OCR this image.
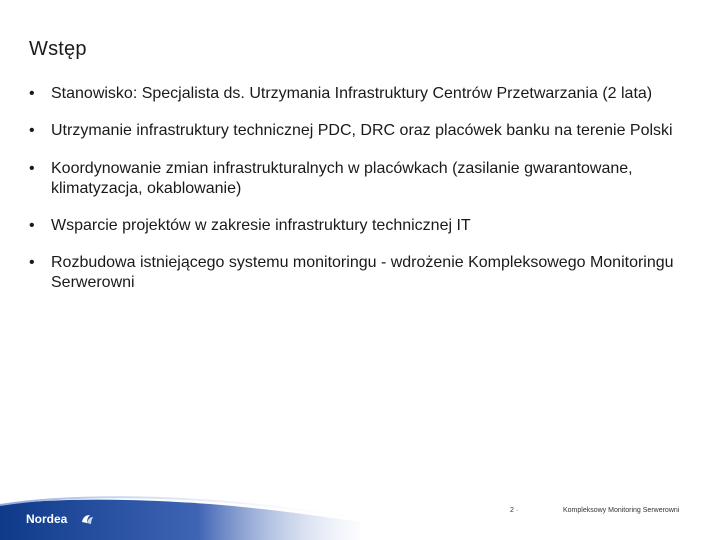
Wstęp
• Stanowisko: Specjalista ds. Utrzymania Infrastruktury Centrów Przetwarzania (2 lata)
• Utrzymanie infrastruktury technicznej PDC, DRC oraz placówek banku na terenie Polski
• Koordynowanie zmian infrastrukturalnych w placówkach (zasilanie gwarantowane, klimatyzacja, okablowanie)
• Wsparcie projektów w zakresie infrastruktury technicznej IT
• Rozbudowa istniejącego systemu monitoringu - wdrożenie Kompleksowego Monitoringu Serwerowni
Nordea
2 ·	Kompleksowy Monitoring Serwerowni
